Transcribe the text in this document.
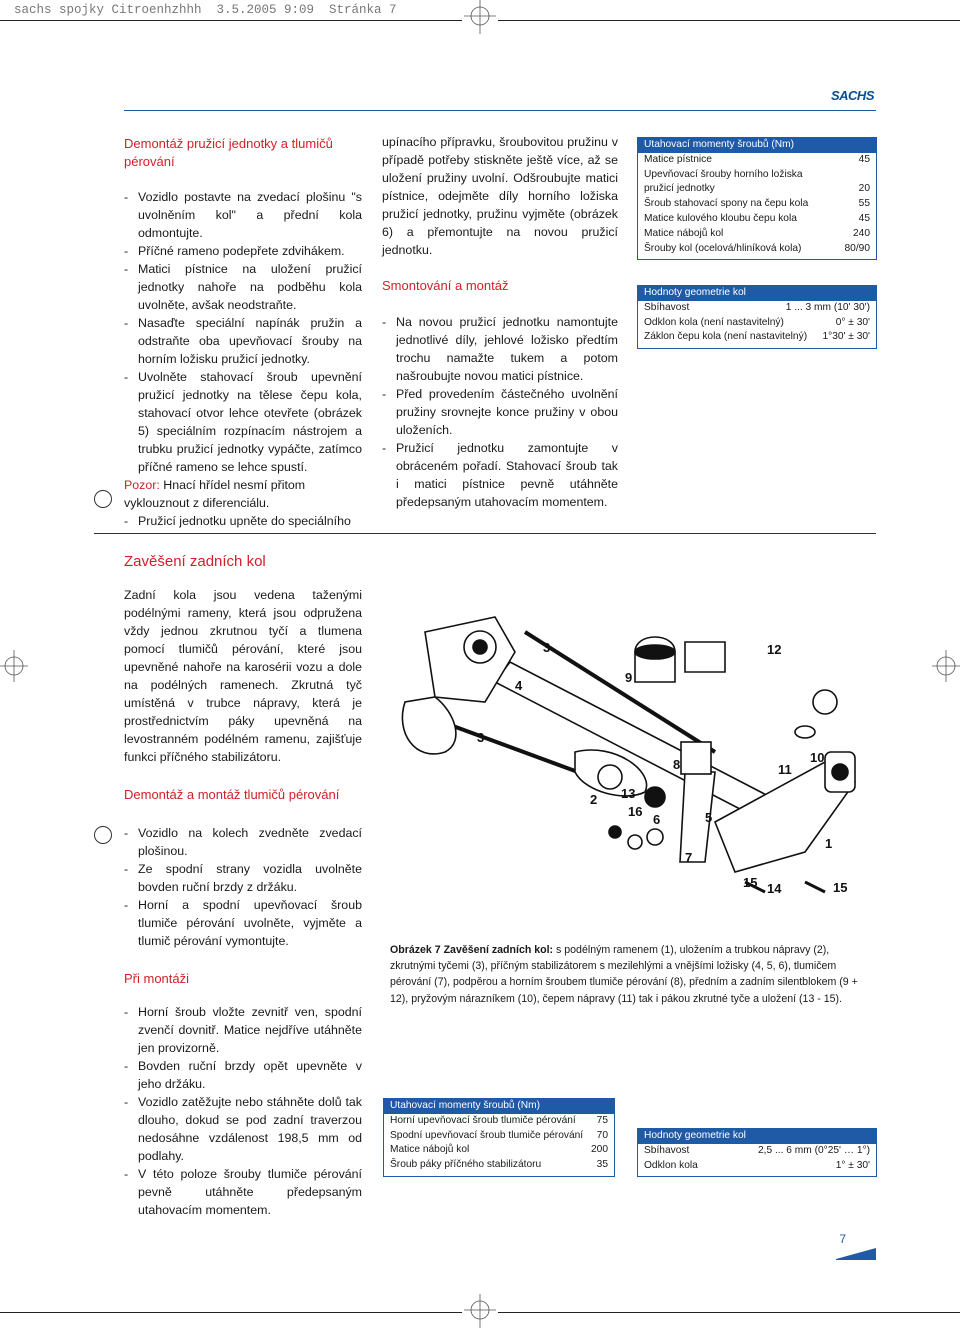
sachs spojky Citroenhzhhh  3.5.2005 9:09  Stránka 7
SACHS
Demontáž pružicí jednotky a tlumičů pérování
- Vozidlo postavte na zvedací plošinu "s uvolněním kol" a přední kola odmontujte.
- Příčné rameno podepřete zdvihákem.
- Matici pístnice na uložení pružicí jednotky nahoře na podběhu kola uvolněte, avšak neodstraňte.
- Nasaďte speciální napínák pružin a odstraňte oba upevňovací šrouby na horním ložisku pružicí jednotky.
- Uvolněte stahovací šroub upevnění pružicí jednotky na tělese čepu kola, stahovací otvor lehce otevřete (obrázek 5) speciálním rozpínacím nástrojem a trubku pružicí jednotky vypáčte, zatímco příčné rameno se lehce spustí.
Pozor: Hnací hřídel nesmí přitom vyklouznout z diferenciálu.
- Pružicí jednotku upněte do speciálního
upínacího přípravku, šroubovitou pružinu v případě potřeby stiskněte ještě více, až se uložení pružiny uvolní. Odšroubujte matici pístnice, odejměte díly horního ložiska pružicí jednotky, pružinu vyjměte (obrázek 6) a přemontujte na novou pružicí jednotku.
Smontování a montáž
- Na novou pružicí jednotku namontujte jednotlivé díly, jehlové ložisko předtím trochu namažte tukem a potom našroubujte novou matici pístnice.
- Před provedením částečného uvolnění pružiny srovnejte konce pružiny v obou uloženích.
- Pružicí jednotku zamontujte v obráceném pořadí. Stahovací šroub tak i matici pístnice pevně utáhněte předepsaným utahovacím momentem.
Utahovací momenty šroubů (Nm)
Matice pístnice	45
Upevňovací šrouby horního ložiska
pružicí jednotky	20
Šroub stahovací spony na čepu kola	55
Matice kulového kloubu čepu kola	45
Matice nábojů kol	240
Šrouby kol (ocelová/hliníková kola)	80/90
Hodnoty geometrie kol
Sbíhavost	1 ... 3 mm (10' 30')
Odklon kola (není nastavitelný)	0° ± 30'
Záklon čepu kola (není nastavitelný) 1°30' ± 30'
Zavěšení zadních kol
Zadní kola jsou vedena taženými podélnými rameny, která jsou odpružena vždy jednou zkrutnou tyčí a tlumena pomocí tlumičů pérování, které jsou upevněné nahoře na karosérii vozu a dole na podélných ramenech. Zkrutná tyč umístěná v trubce nápravy, která je prostřednictvím páky upevněná na levostranném podélném ramenu, zajišťuje funkci příčného stabilizátoru.
Demontáž a montáž tlumičů pérování
- Vozidlo na kolech zvedněte zvedací plošinou.
- Ze spodní strany vozidla uvolněte bovden ruční brzdy z držáku.
- Horní a spodní upevňovací šroub tlumiče pérování uvolněte, vyjměte a tlumič pérování vymontujte.
Při montáži
- Horní šroub vložte zevnitř ven, spodní zvenčí dovnitř. Matice nejdříve utáhněte jen provizorně.
- Bovden ruční brzdy opět upevněte v jeho držáku.
- Vozidlo zatěžujte nebo stáhněte dolů tak dlouho, dokud se pod zadní traverzou nedosáhne vzdálenost 198,5 mm od podlahy.
- V této poloze šrouby tlumiče pérování pevně utáhněte předepsaným utahovacím momentem.
3	12
9
4
3
8	10
11
2
16
6	5
13
7
1
15 14	15
Obrázek 7 Zavěšení zadních kol: s podélným ramenem (1), uložením a trubkou nápravy (2), zkrutnými tyčemi (3), příčným stabilizátorem s mezilehlými a vnějšími ložisky (4, 5, 6), tlumičem pérování (7), podpěrou a horním šroubem tlumiče pérování (8), předním a zadním silentblokem (9 + 12), pryžovým nárazníkem (10), čepem nápravy (11) tak i pákou zkrutné tyče a uložení (13 - 15).
Utahovací momenty šroubů (Nm)
Horní upevňovací šroub tlumiče pérování 75
Spodní upevňovací šroub tlumiče pérování 70
Matice nábojů kol	200
Šroub páky příčného stabilizátoru	35
Hodnoty geometrie kol
Sbíhavost	2,5 ... 6 mm (0°25' … 1°)
Odklon kola	1° ± 30'
7
